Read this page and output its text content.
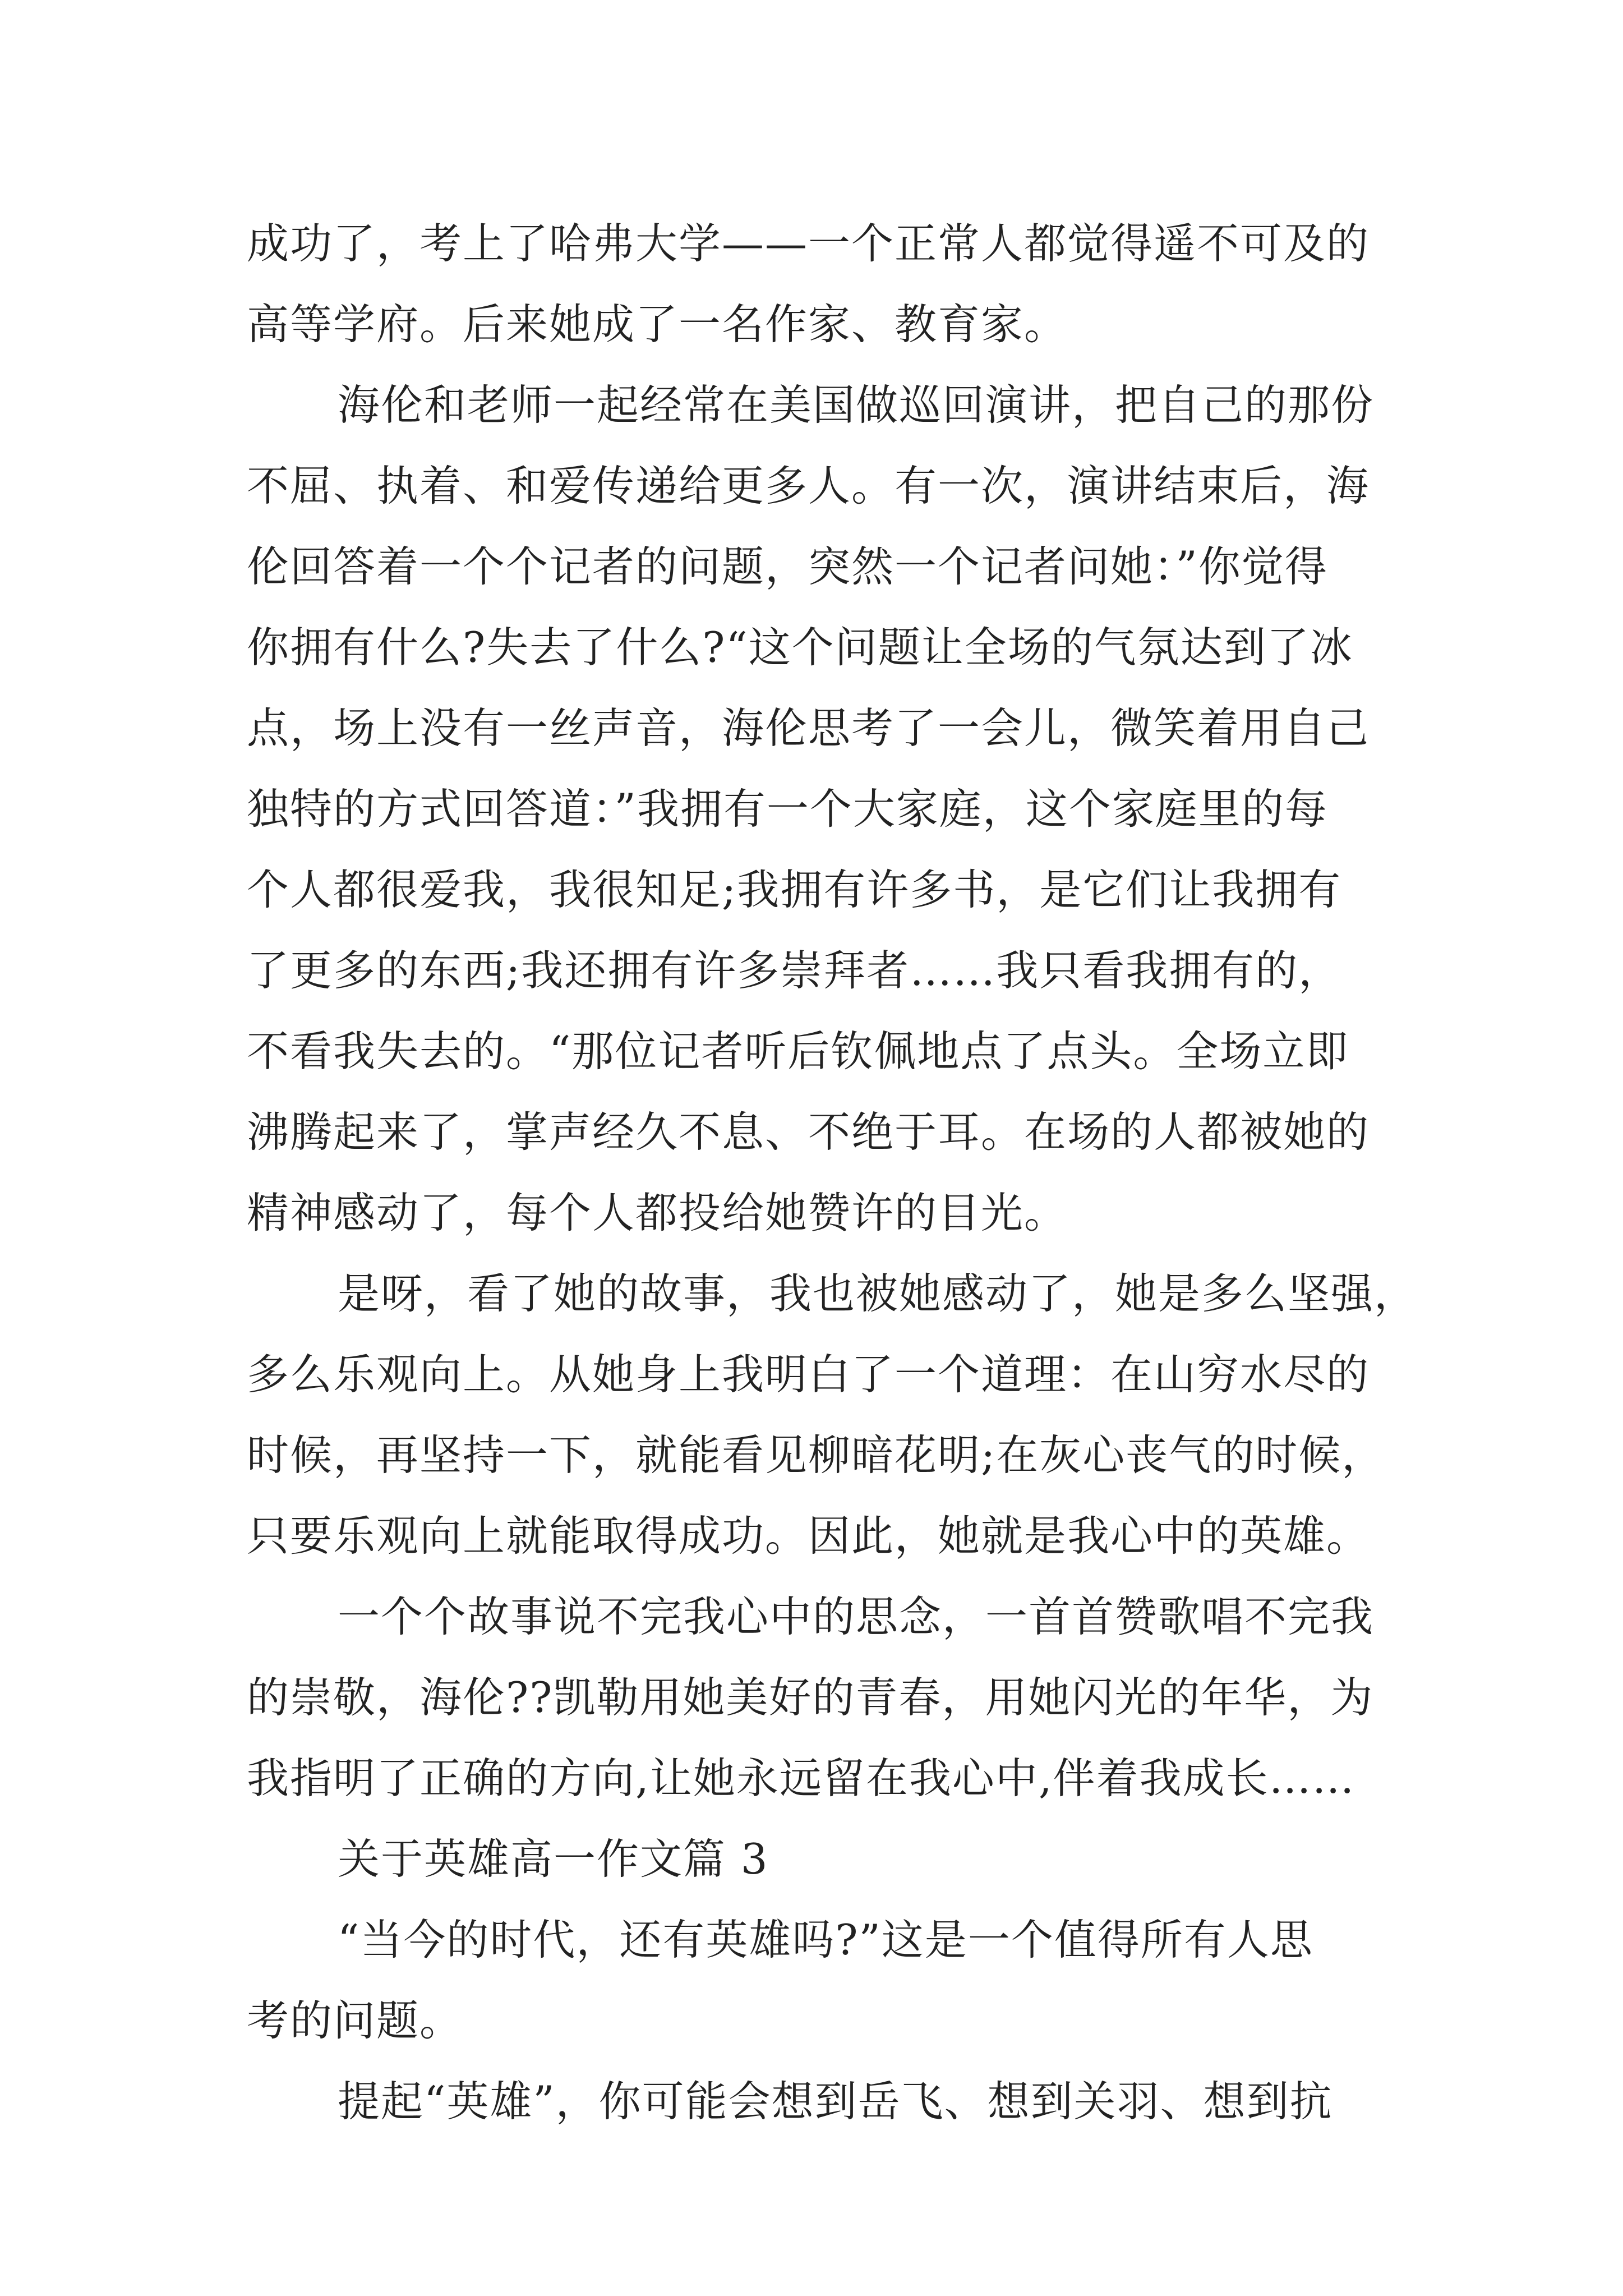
成功了，考上了哈弗大学——一个正常人都觉得遥不可及的
高等学府。后来她成了一名作家、教育家。
海伦和老师一起经常在美国做巡回演讲，把自己的那份
不屈、执着、和爱传递给更多人。有一次，演讲结束后，海
伦回答着一个个记者的问题，突然一个记者问她：”你觉得
你拥有什么?失去了什么?“这个问题让全场的气氛达到了冰
点，场上没有一丝声音，海伦思考了一会儿，微笑着用自己
独特的方式回答道：”我拥有一个大家庭，这个家庭里的每
个人都很爱我，我很知足;我拥有许多书，是它们让我拥有
了更多的东西;我还拥有许多崇拜者……我只看我拥有的，
不看我失去的。“那位记者听后钦佩地点了点头。全场立即
沸腾起来了，掌声经久不息、不绝于耳。在场的人都被她的
精神感动了，每个人都投给她赞许的目光。
是呀，看了她的故事，我也被她感动了，她是多么坚强，
多么乐观向上。从她身上我明白了一个道理：在山穷水尽的
时候，再坚持一下，就能看见柳暗花明;在灰心丧气的时候，
只要乐观向上就能取得成功。因此，她就是我心中的英雄。
一个个故事说不完我心中的思念，一首首赞歌唱不完我
的崇敬，海伦??凯勒用她美好的青春，用她闪光的年华，为
我指明了正确的方向,让她永远留在我心中,伴着我成长……
关于英雄高一作文篇 3
“当今的时代，还有英雄吗?”这是一个值得所有人思
考的问题。
提起“英雄”，你可能会想到岳飞、想到关羽、想到抗
